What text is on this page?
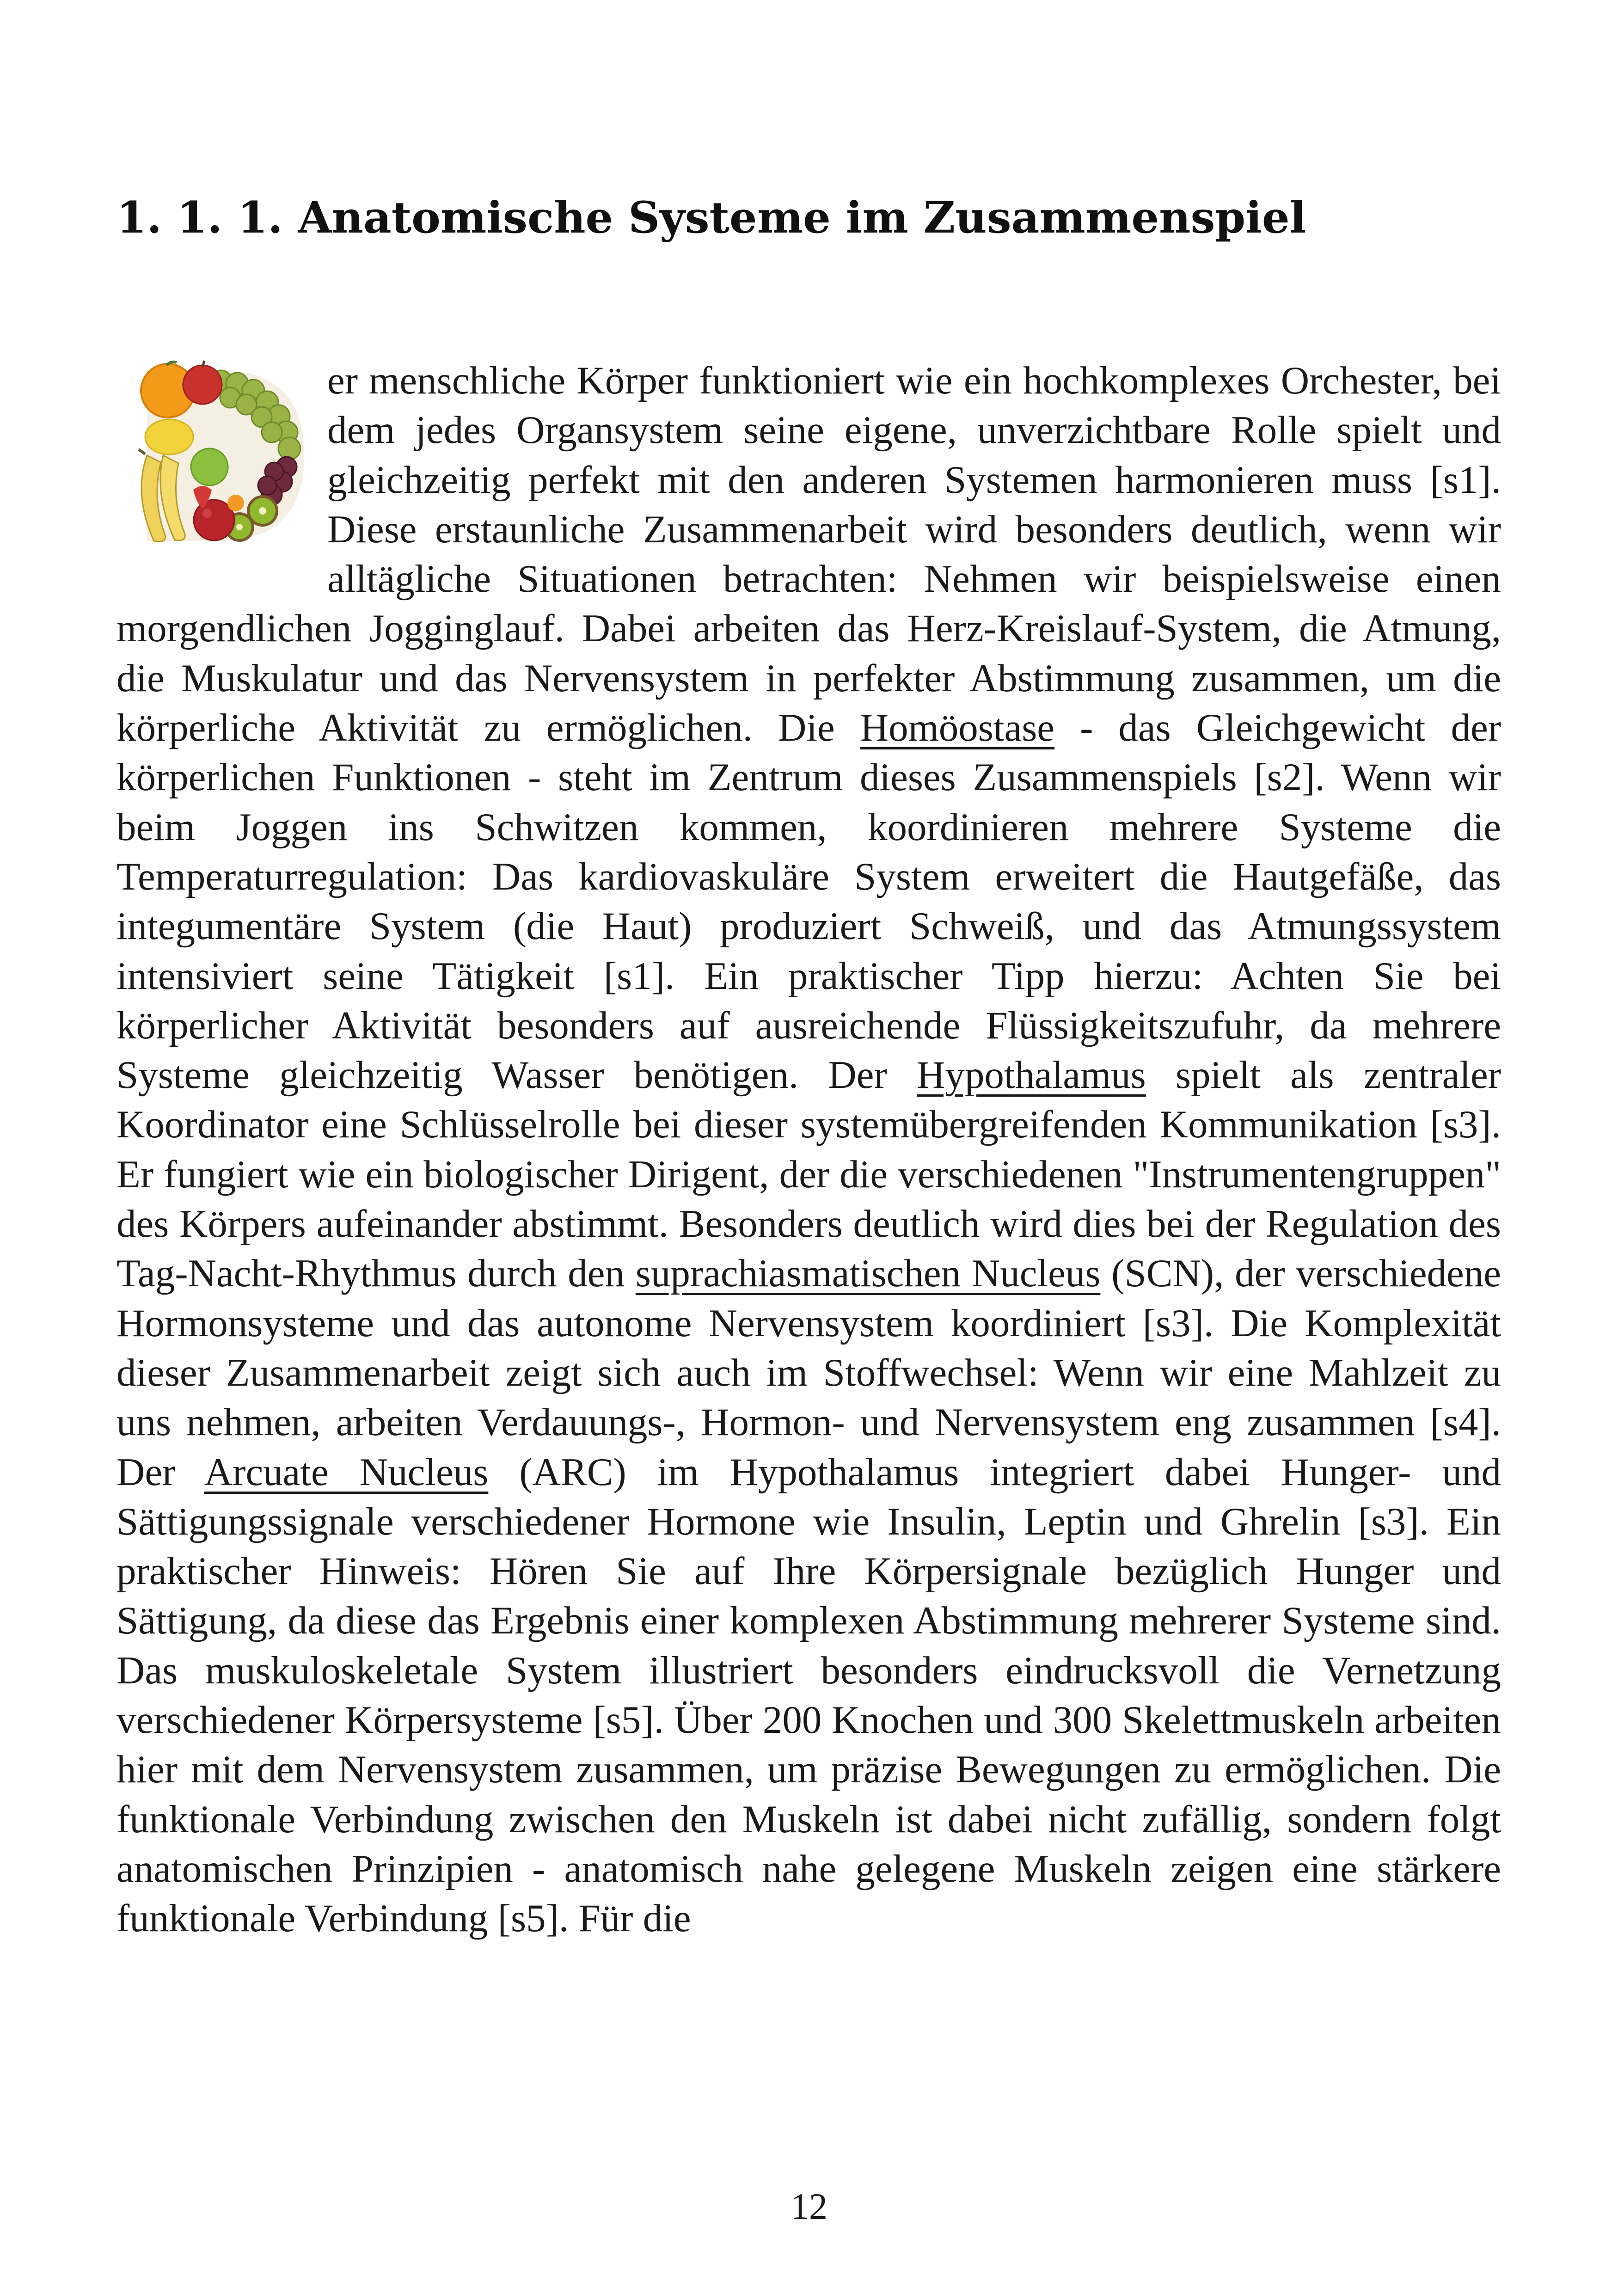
1. 1. 1. Anatomische Systeme im Zusammenspiel

er menschliche Körper funktioniert wie ein hochkomplexes Orchester, bei dem jedes Organsystem seine eigene, unverzichtbare Rolle spielt und gleichzeitig perfekt mit den anderen Systemen harmonieren muss [s1]. Diese erstaunliche Zusammenarbeit wird besonders deutlich, wenn wir alltägliche Situationen betrachten: Nehmen wir beispielsweise einen morgendlichen Jogginglauf. Dabei arbeiten das Herz-Kreislauf-System, die Atmung, die Muskulatur und das Nervensystem in perfekter Abstimmung zusammen, um die körperliche Aktivität zu ermöglichen. Die Homöostase - das Gleichgewicht der körperlichen Funktionen - steht im Zentrum dieses Zusammenspiels [s2]. Wenn wir beim Joggen ins Schwitzen kommen, koordinieren mehrere Systeme die Temperaturregulation: Das kardiovaskuläre System erweitert die Hautgefäße, das integumentäre System (die Haut) produziert Schweiß, und das Atmungssystem intensiviert seine Tätigkeit [s1]. Ein praktischer Tipp hierzu: Achten Sie bei körperlicher Aktivität besonders auf ausreichende Flüssigkeitszufuhr, da mehrere Systeme gleichzeitig Wasser benötigen. Der Hypothalamus spielt als zentraler Koordinator eine Schlüsselrolle bei dieser systemübergreifenden Kommunikation [s3]. Er fungiert wie ein biologischer Dirigent, der die verschiedenen "Instrumentengruppen" des Körpers aufeinander abstimmt. Besonders deutlich wird dies bei der Regulation des Tag-Nacht-Rhythmus durch den suprachiasmatischen Nucleus (SCN), der verschiedene Hormonsysteme und das autonome Nervensystem koordiniert [s3]. Die Komplexität dieser Zusammenarbeit zeigt sich auch im Stoffwechsel: Wenn wir eine Mahlzeit zu uns nehmen, arbeiten Verdauungs-, Hormon- und Nervensystem eng zusammen [s4]. Der Arcuate Nucleus (ARC) im Hypothalamus integriert dabei Hunger- und Sättigungssignale verschiedener Hormone wie Insulin, Leptin und Ghrelin [s3]. Ein praktischer Hinweis: Hören Sie auf Ihre Körpersignale bezüglich Hunger und Sättigung, da diese das Ergebnis einer komplexen Abstimmung mehrerer Systeme sind. Das muskuloskeletale System illustriert besonders eindrucksvoll die Vernetzung verschiedener Körpersysteme [s5]. Über 200 Knochen und 300 Skelettmuskeln arbeiten hier mit dem Nervensystem zusammen, um präzise Bewegungen zu ermöglichen. Die funktionale Verbindung zwischen den Muskeln ist dabei nicht zufällig, sondern folgt anatomischen Prinzipien - anatomisch nahe gelegene Muskeln zeigen eine stärkere funktionale Verbindung [s5]. Für die

12
